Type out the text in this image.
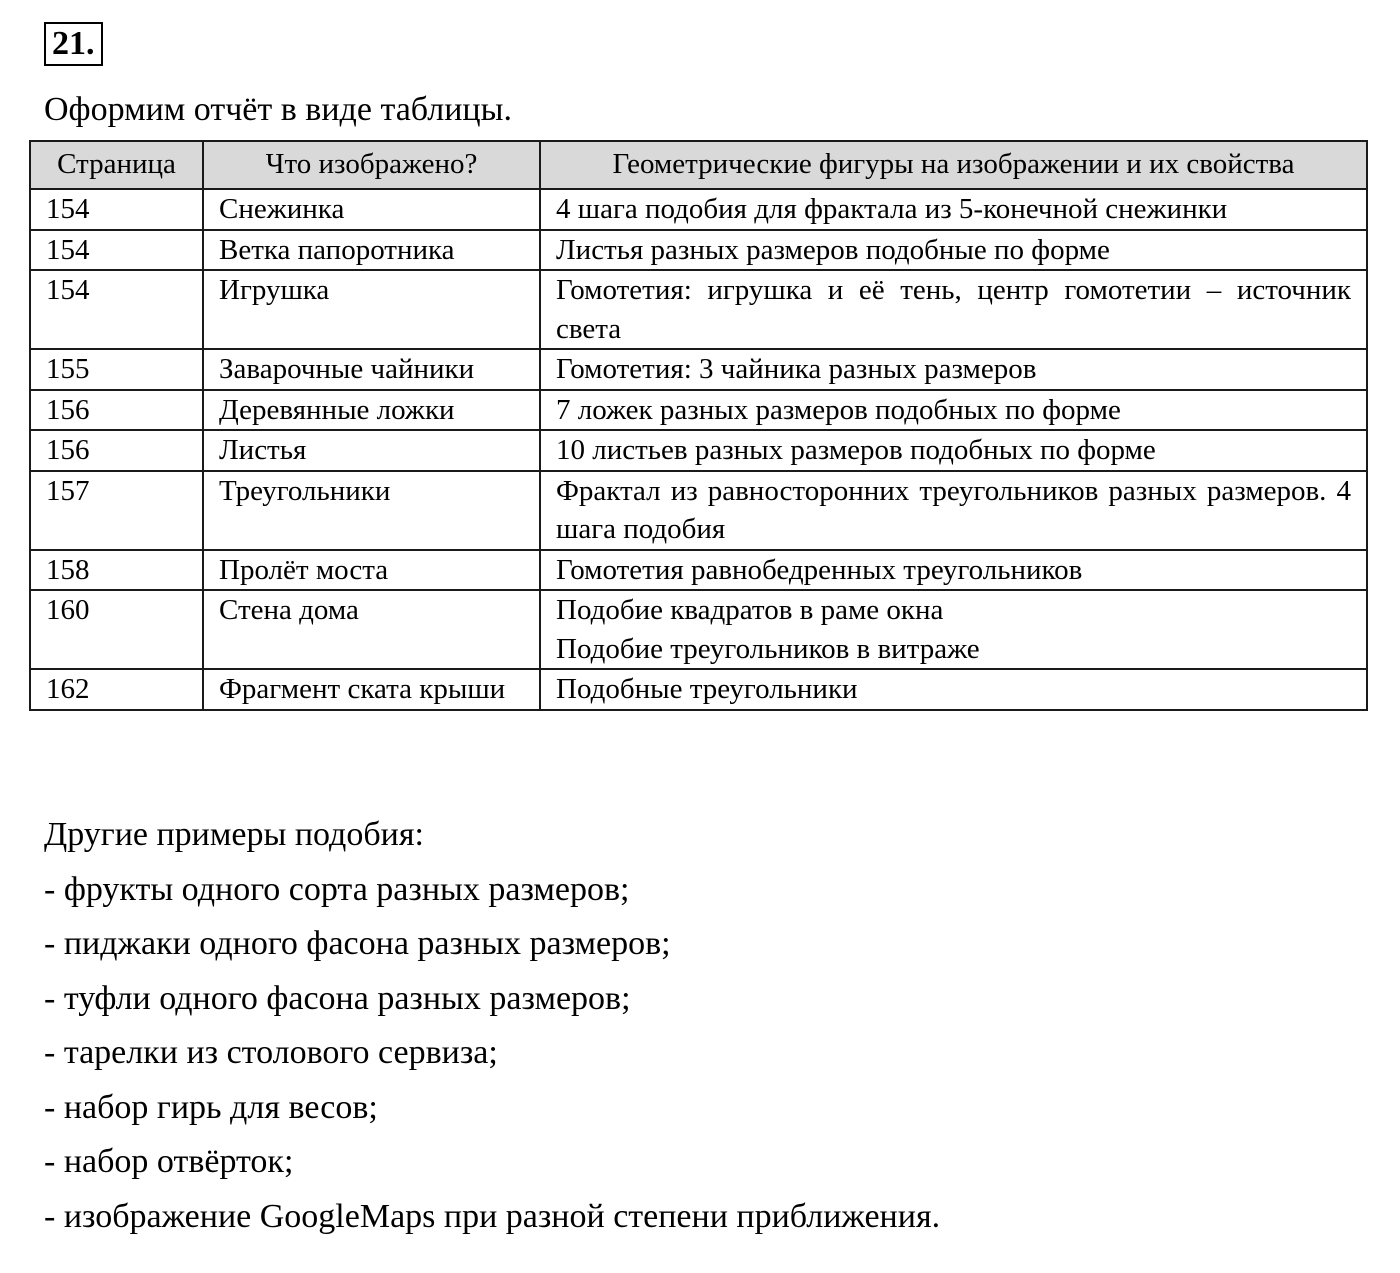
21.
Оформим отчёт в виде таблицы.
Страница	Что изображено?	Геометрические фигуры на изображении и их свойства
154	Снежинка	4 шага подобия для фрактала из 5-конечной снежинки

154	Ветка папоротника	Листья разных размеров подобные по форме

154	Игрушка	Гомотетия: игрушка и её тень, центр гомотетии – источник света

155	Заварочные чайники	Гомотетия: 3 чайника разных размеров

156	Деревянные ложки	7 ложек разных размеров подобных по форме

156	Листья	10 листьев разных размеров подобных по форме

157	Треугольники	Фрактал из равносторонних треугольников разных размеров. 4 шага подобия

158	Пролёт моста	Гомотетия равнобедренных треугольников

160	Стена дома	Подобие квадратов в раме окна
Подобие треугольников в витраже

162	Фрагмент ската крыши	Подобные треугольники
Другие примеры подобия:
- фрукты одного сорта разных размеров;
- пиджаки одного фасона разных размеров;
- туфли одного фасона разных размеров;
- тарелки из столового сервиза;
- набор гирь для весов;
- набор отвёрток;
- изображение GoogleMaps при разной степени приближения.
